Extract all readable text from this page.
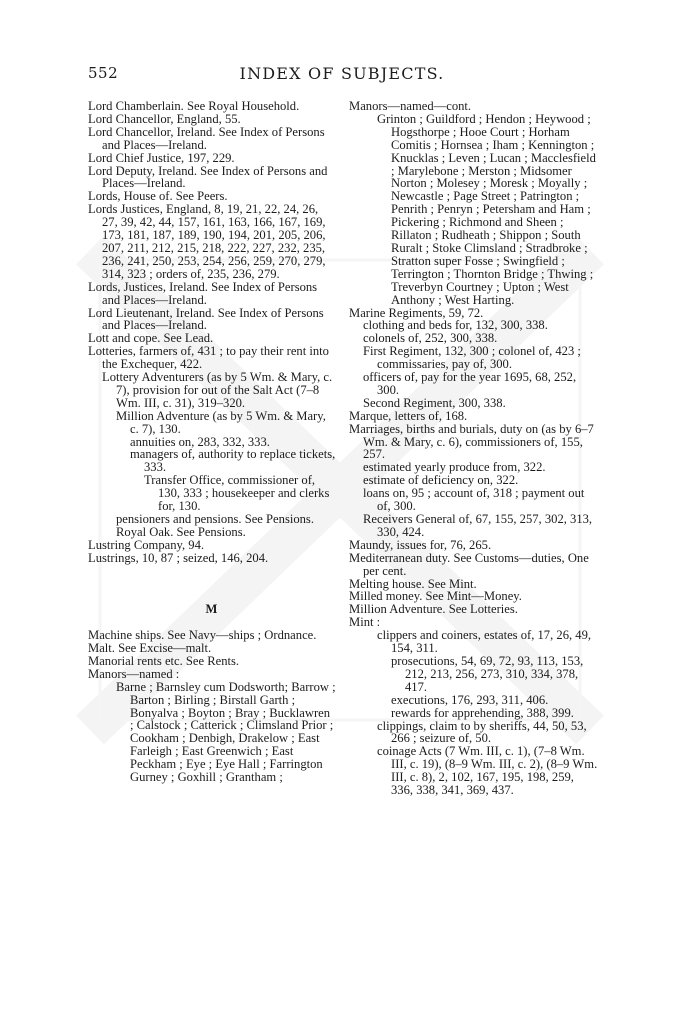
552	INDEX OF SUBJECTS.
Lord Chamberlain. See Royal Household.
Lord Chancellor, England, 55.
Lord Chancellor, Ireland. See Index of Persons and Places—Ireland.
Lord Chief Justice, 197, 229.
Lord Deputy, Ireland. See Index of Persons and Places—Ireland.
Lords, House of. See Peers.
Lords Justices, England, 8, 19, 21, 22, 24, 26, 27, 39, 42, 44, 157, 161, 163, 166, 167, 169, 173, 181, 187, 189, 190, 194, 201, 205, 206, 207, 211, 212, 215, 218, 222, 227, 232, 235, 236, 241, 250, 253, 254, 256, 259, 270, 279, 314, 323 ; orders of, 235, 236, 279.
Lords, Justices, Ireland. See Index of Persons and Places—Ireland.
Lord Lieutenant, Ireland. See Index of Persons and Places—Ireland.
Lott and cope. See Lead.
Lotteries, farmers of, 431 ; to pay their rent into the Exchequer, 422.
Lottery Adventurers (as by 5 Wm. & Mary, c. 7), provision for out of the Salt Act (7–8 Wm. III, c. 31), 319–320.
Million Adventure (as by 5 Wm. & Mary, c. 7), 130.
annuities on, 283, 332, 333.
managers of, authority to replace tickets, 333.
Transfer Office, commissioner of, 130, 333 ; housekeeper and clerks for, 130.
pensioners and pensions. See Pensions.
Royal Oak. See Pensions.
Lustring Company, 94.
Lustrings, 10, 87 ; seized, 146, 204.
M
Machine ships. See Navy—ships ; Ordnance.
Malt. See Excise—malt.
Manorial rents etc. See Rents.
Manors—named :
Barne ; Barnsley cum Dodsworth; Barrow ; Barton ; Birling ; Birstall Garth ; Bonyalva ; Boyton ; Bray ; Bucklawren ; Calstock ; Catterick ; Climsland Prior ; Cookham ; Denbigh, Drakelow ; East Farleigh ; East Greenwich ; East Peckham ; Eye ; Eye Hall ; Farrington Gurney ; Goxhill ; Grantham ;
Manors—named—cont.
Grinton ; Guildford ; Hendon ; Heywood ; Hogsthorpe ; Hooe Court ; Horham Comitis ; Hornsea ; Iham ; Kennington ; Knucklas ; Leven ; Lucan ; Macclesfield ; Marylebone ; Merston ; Midsomer Norton ; Molesey ; Moresk ; Moyally ; Newcastle ; Page Street ; Patrington ; Penrith ; Penryn ; Petersham and Ham ; Pickering ; Richmond and Sheen ; Rillaton ; Rudheath ; Shippon ; South Ruralt ; Stoke Climsland ; Stradbroke ; Stratton super Fosse ; Swingfield ; Terrington ; Thornton Bridge ; Thwing ; Treverbyn Courtney ; Upton ; West Anthony ; West Harting.
Marine Regiments, 59, 72.
clothing and beds for, 132, 300, 338.
colonels of, 252, 300, 338.
First Regiment, 132, 300 ; colonel of, 423 ; commissaries, pay of, 300.
officers of, pay for the year 1695, 68, 252, 300.
Second Regiment, 300, 338.
Marque, letters of, 168.
Marriages, births and burials, duty on (as by 6–7 Wm. & Mary, c. 6), commissioners of, 155, 257.
estimated yearly produce from, 322.
estimate of deficiency on, 322.
loans on, 95 ; account of, 318 ; payment out of, 300.
Receivers General of, 67, 155, 257, 302, 313, 330, 424.
Maundy, issues for, 76, 265.
Mediterranean duty. See Customs—duties, One per cent.
Melting house. See Mint.
Milled money. See Mint—Money.
Million Adventure. See Lotteries.
Mint :
clippers and coiners, estates of, 17, 26, 49, 154, 311.
prosecutions, 54, 69, 72, 93, 113, 153, 212, 213, 256, 273, 310, 334, 378, 417.
executions, 176, 293, 311, 406.
rewards for apprehending, 388, 399.
clippings, claim to by sheriffs, 44, 50, 53, 266 ; seizure of, 50.
coinage Acts (7 Wm. III, c. 1), (7–8 Wm. III, c. 19), (8–9 Wm. III, c. 2), (8–9 Wm. III, c. 8), 2, 102, 167, 195, 198, 259, 336, 338, 341, 369, 437.
